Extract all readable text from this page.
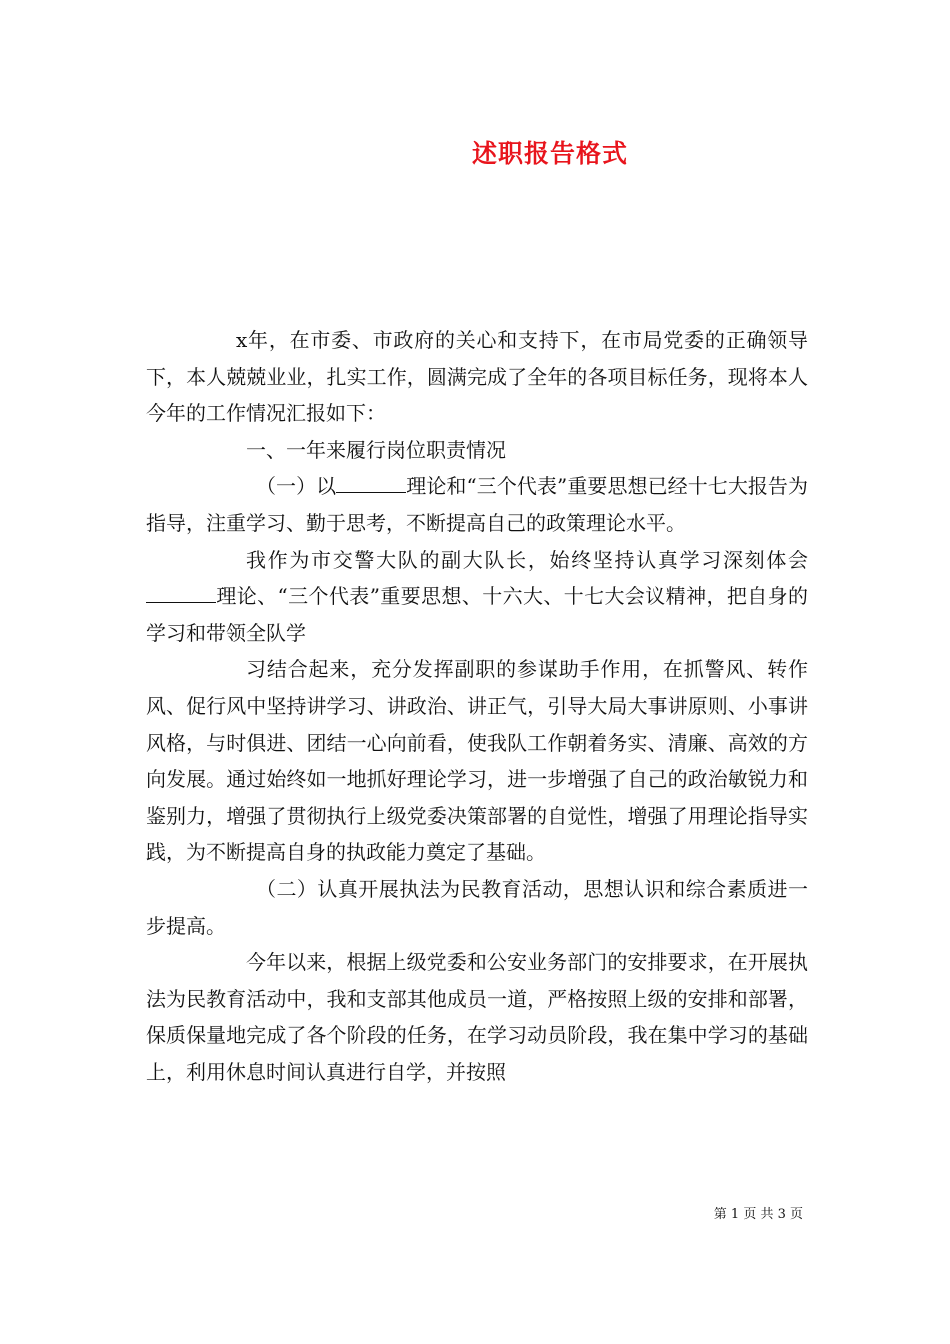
述职报告格式

x年，在市委、市政府的关心和支持下，在市局党委的正确领导下，本人兢兢业业，扎实工作，圆满完成了全年的各项目标任务，现将本人今年的工作情况汇报如下：

一、一年来履行岗位职责情况

（一）以	理论和“三个代表”重要思想已经十七大报告为指导，注重学习、勤于思考，不断提高自己的政策理论水平。

我作为市交警大队的副大队长，始终坚持认真学习深刻体会理论、“三个代表”重要思想、十六大、十七大会议精神，把自身的学习和带领全队学

习结合起来，充分发挥副职的参谋助手作用，在抓警风、转作风、促行风中坚持讲学习、讲政治、讲正气，引导大局大事讲原则、小事讲风格，与时俱进、团结一心向前看，使我队工作朝着务实、清廉、高效的方向发展。通过始终如一地抓好理论学习，进一步增强了自己的政治敏锐力和鉴别力，增强了贯彻执行上级党委决策部署的自觉性，增强了用理论指导实践，为不断提高自身的执政能力奠定了基础。

（二）认真开展执法为民教育活动，思想认识和综合素质进一步提高。

今年以来，根据上级党委和公安业务部门的安排要求，在开展执法为民教育活动中，我和支部其他成员一道，严格按照上级的安排和部署，保质保量地完成了各个阶段的任务，在学习动员阶段，我在集中学习的基础上，利用休息时间认真进行自学，并按照

第 1 页 共 3 页
